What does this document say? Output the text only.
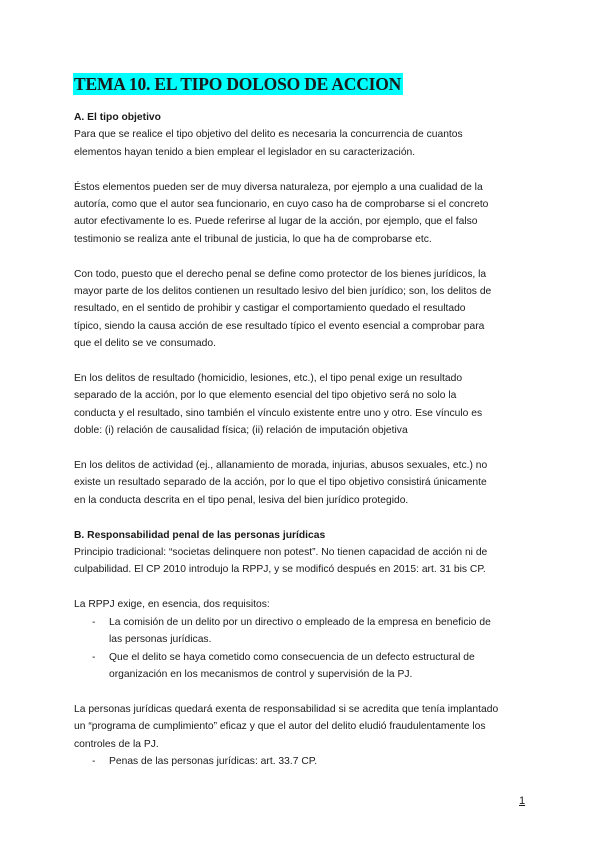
TEMA 10. EL TIPO DOLOSO DE ACCION
A. El tipo objetivo
Para que se realice el tipo objetivo del delito es necesaria la concurrencia de cuantos
elementos hayan tenido a bien emplear el legislador en su caracterización.
Éstos elementos pueden ser de muy diversa naturaleza, por ejemplo a una cualidad de la
autoría, como que el autor sea funcionario, en cuyo caso ha de comprobarse si el concreto
autor efectivamente lo es. Puede referirse al lugar de la acción, por ejemplo, que el falso
testimonio se realiza ante el tribunal de justicia, lo que ha de comprobarse etc.
Con todo, puesto que el derecho penal se define como protector de los bienes jurídicos, la
mayor parte de los delitos contienen un resultado lesivo del bien jurídico; son, los delitos de
resultado, en el sentido de prohibir y castigar el comportamiento quedado el resultado
típico, siendo la causa acción de ese resultado típico el evento esencial a comprobar para
que el delito se ve consumado.
En los delitos de resultado (homicidio, lesiones, etc.), el tipo penal exige un resultado
separado de la acción, por lo que elemento esencial del tipo objetivo será no solo la
conducta y el resultado, sino también el vínculo existente entre uno y otro. Ese vínculo es
doble: (i) relación de causalidad física; (ii) relación de imputación objetiva
En los delitos de actividad (ej., allanamiento de morada, injurias, abusos sexuales, etc.) no
existe un resultado separado de la acción, por lo que el tipo objetivo consistirá únicamente
en la conducta descrita en el tipo penal, lesiva del bien jurídico protegido.
B. Responsabilidad penal de las personas jurídicas
Principio tradicional: “societas delinquere non potest”. No tienen capacidad de acción ni de
culpabilidad. El CP 2010 introdujo la RPPJ, y se modificó después en 2015: art. 31 bis CP.
La RPPJ exige, en esencia, dos requisitos:
- La comisión de un delito por un directivo o empleado de la empresa en beneficio de
las personas jurídicas.
- Que el delito se haya cometido como consecuencia de un defecto estructural de
organización en los mecanismos de control y supervisión de la PJ.
La personas jurídicas quedará exenta de responsabilidad si se acredita que tenía implantado
un “programa de cumplimiento” eficaz y que el autor del delito eludió fraudulentamente los
controles de la PJ.
- Penas de las personas jurídicas: art. 33.7 CP.
1
